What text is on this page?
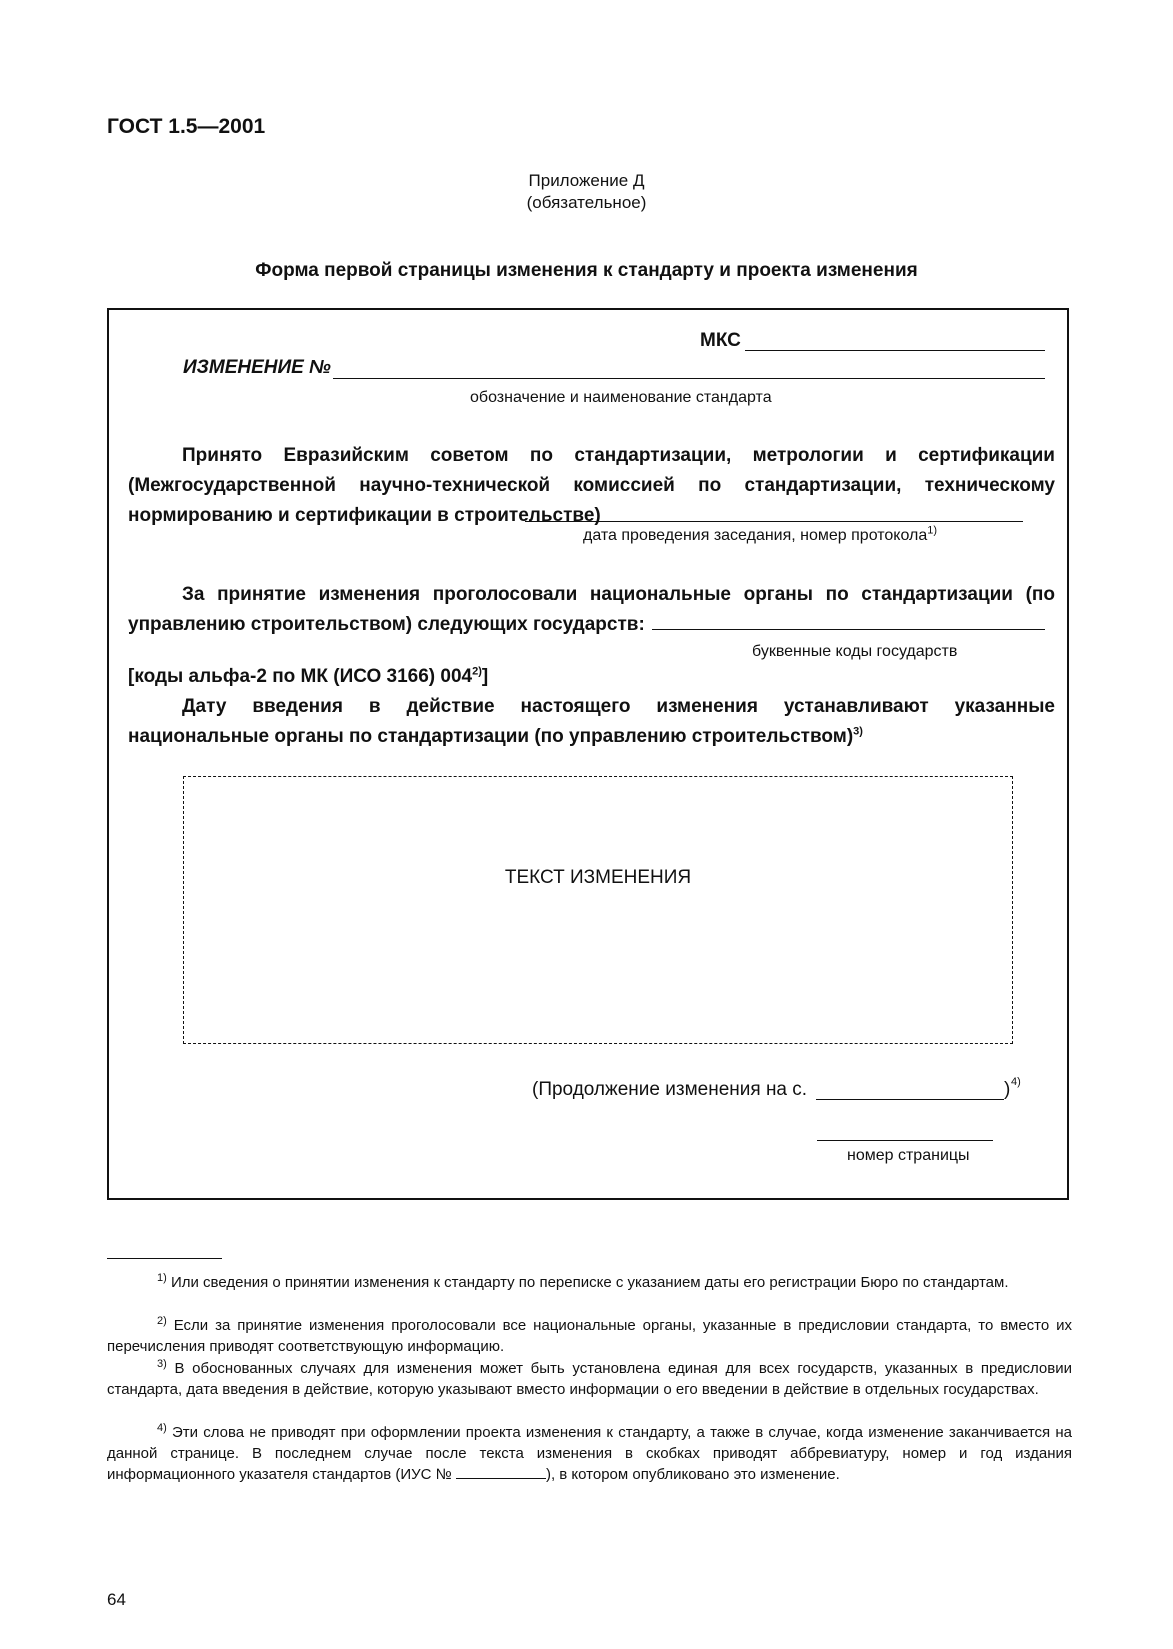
ГОСТ 1.5—2001
Приложение Д
(обязательное)
Форма первой страницы изменения к стандарту и проекта изменения
МКС
ИЗМЕНЕНИЕ №
обозначение и наименование стандарта
Принято Евразийским советом по стандартизации, метрологии и сертификации (Межгосударственной научно-технической комиссией по стандартизации, техническому нормированию и сертификации в строительстве)
дата проведения заседания, номер протокола$^{1)}$
За принятие изменения проголосовали национальные органы по стандартизации (по управлению строительством) следующих государств:
буквенные коды государств
[коды альфа-2 по МК (ИСО 3166) 004$^{2)}$]
Дату введения в действие настоящего изменения устанавливают указанные национальные органы по стандартизации (по управлению строительством)$^{3)}$
ТЕКСТ ИЗМЕНЕНИЯ
(Продолжение изменения на с.	) 4)
номер страницы
$^{1)}$ Или сведения о принятии изменения к стандарту по переписке с указанием даты его регистрации Бюро по стандартам.
$^{2)}$ Если за принятие изменения проголосовали все национальные органы, указанные в предисловии стандарта, то вместо их перечисления приводят соответствующую информацию.
$^{3)}$ В обоснованных случаях для изменения может быть установлена единая для всех государств, указанных в предисловии стандарта, дата введения в действие, которую указывают вместо информации о его введении в действие в отдельных государствах.
$^{4)}$ Эти слова не приводят при оформлении проекта изменения к стандарту, а также в случае, когда изменение заканчивается на данной странице. В последнем случае после текста изменения в скобках приводят аббревиатуру, номер и год издания информационного указателя стандартов (ИУС №	), в котором опубликовано это изменение.
64
